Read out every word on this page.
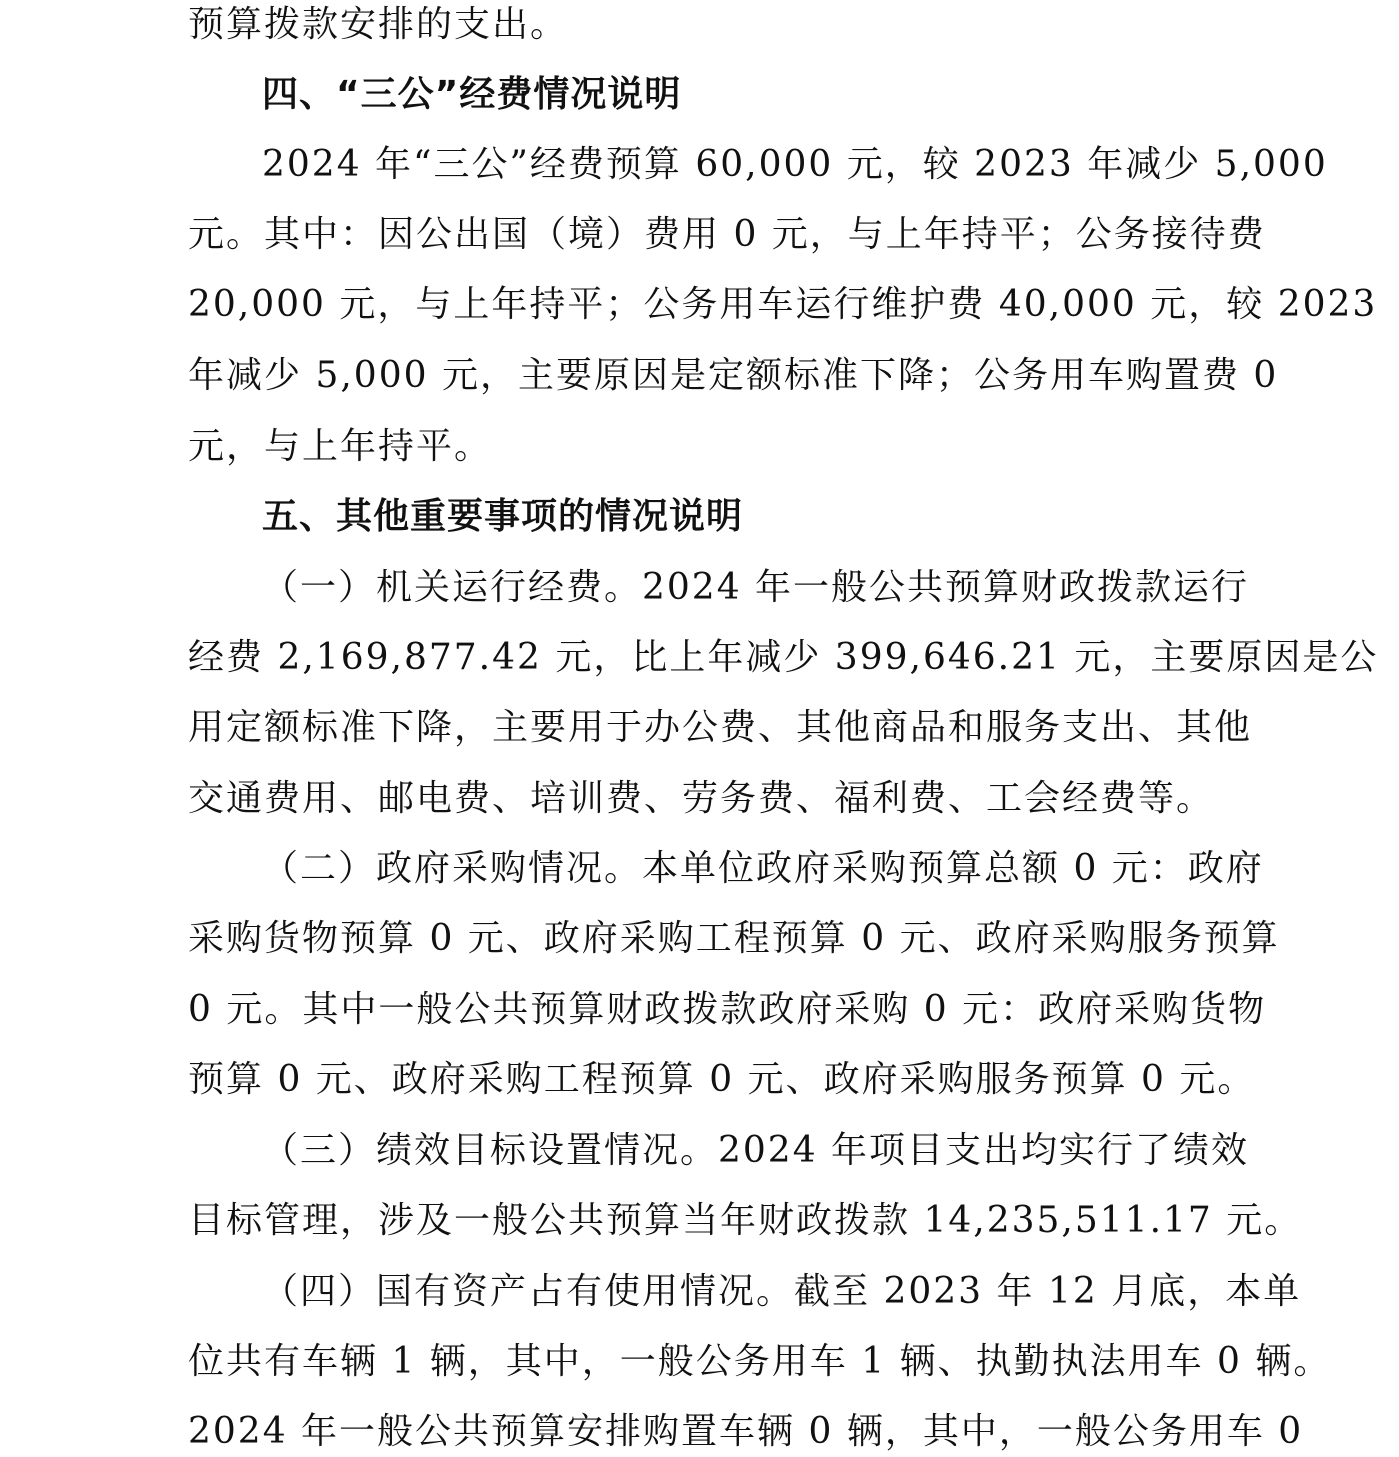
预算拨款安排的支出。
四、“三公”经费情况说明
2024 年“三公”经费预算 60,000 元，较 2023 年减少 5,000
元。其中：因公出国（境）费用 0 元，与上年持平；公务接待费
20,000 元，与上年持平；公务用车运行维护费 40,000 元，较 2023
年减少 5,000 元，主要原因是定额标准下降；公务用车购置费 0
元，与上年持平。
五、其他重要事项的情况说明
（一）机关运行经费。2024 年一般公共预算财政拨款运行
经费 2,169,877.42 元，比上年减少 399,646.21 元，主要原因是公
用定额标准下降，主要用于办公费、其他商品和服务支出、其他
交通费用、邮电费、培训费、劳务费、福利费、工会经费等。
（二）政府采购情况。本单位政府采购预算总额 0 元：政府
采购货物预算 0 元、政府采购工程预算 0 元、政府采购服务预算
0 元。其中一般公共预算财政拨款政府采购 0 元：政府采购货物
预算 0 元、政府采购工程预算 0 元、政府采购服务预算 0 元。
（三）绩效目标设置情况。2024 年项目支出均实行了绩效
目标管理，涉及一般公共预算当年财政拨款 14,235,511.17 元。
（四）国有资产占有使用情况。截至 2023 年 12 月底，本单
位共有车辆 1 辆，其中，一般公务用车 1 辆、执勤执法用车 0 辆。
2024 年一般公共预算安排购置车辆 0 辆，其中，一般公务用车 0
